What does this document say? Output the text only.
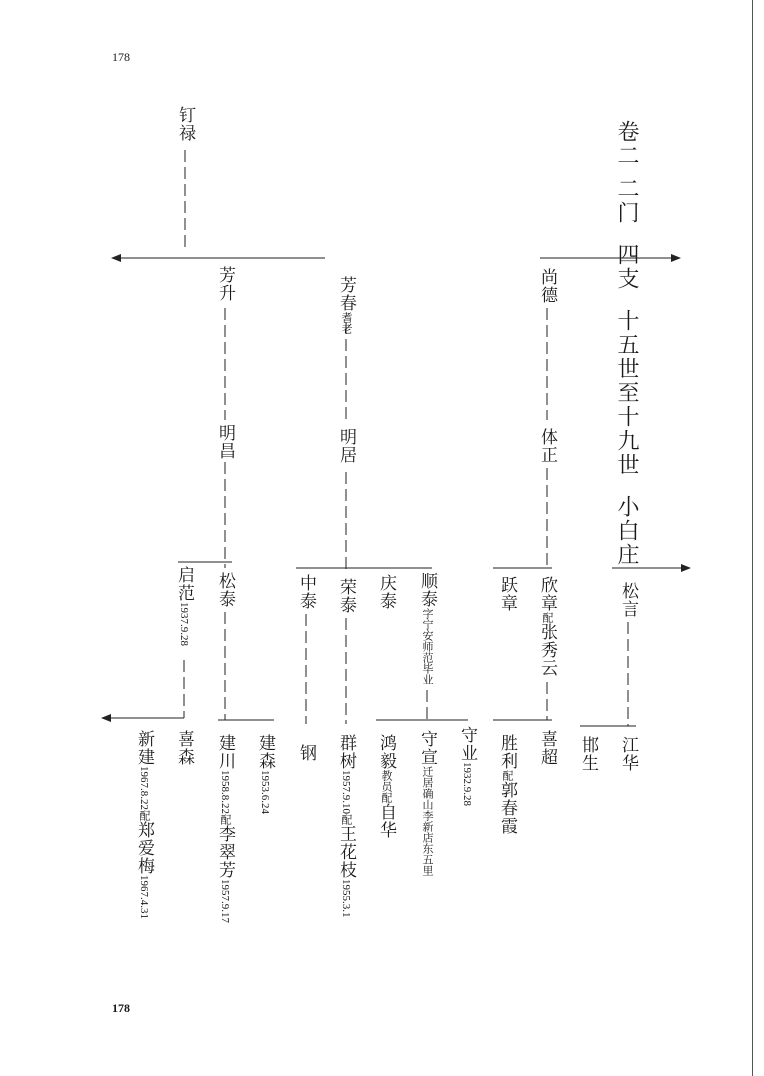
178
178
卷二 二门  四支  十五世至十九世  小白庄
钉禄
芳升	芳春耆老
尚德
明昌	明居	体正
启范1937.9.28
松泰	中泰 荣泰 庆泰 顺泰字宁安师范毕业
跃章 欣章配张秀云
松言
新建1967.8.22配郑爱梅1967.4.31
喜森 建川1958.8.22配李翠芳1957.9.17
建森1953.6.24
钢 群树1957.9.10配王花枝1955.3.1
鸿毅教员配自华
守宣迁居确山李新店东五里
守业1932.9.28
胜利配郭春霞
喜超 邯生 江华
